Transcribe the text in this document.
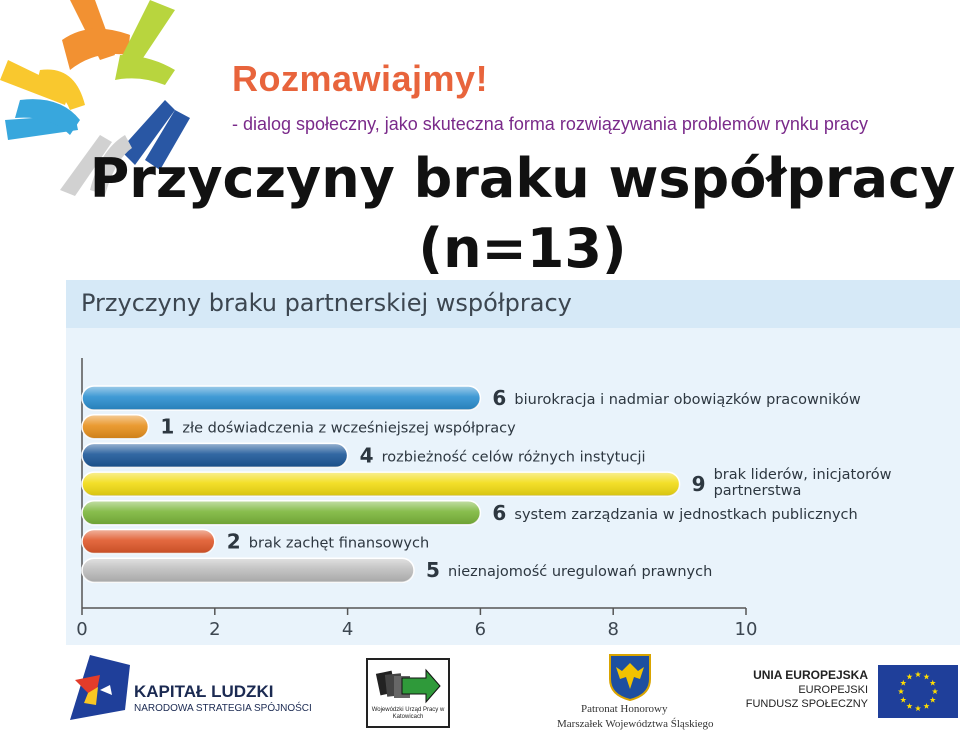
Rozmawiajmy!
- dialog społeczny, jako skuteczna forma rozwiązywania problemów rynku pracy
Przyczyny braku współpracy
(n=13)
Przyczyny braku partnerskiej współpracy
0	2	4	6	8	10
6 biurokracja i nadmiar obowiązków pracowników
1 złe doświadczenia z wcześniejszej współpracy
4 rozbieżność celów różnych instytucji
9 brak liderów, inicjatorów partnerstwa
6 system zarządzania w jednostkach publicznych
2 brak zachęt finansowych
5 nieznajomość uregulowań prawnych
KAPITAŁ LUDZKI
NARODOWA STRATEGIA SPÓJNOŚCI	Wojewódzki Urząd Pracy w Katowicach
Patronat Honorowy
Marszałek Województwa Śląskiego
UNIA EUROPEJSKA
EUROPEJSKI
FUNDUSZ SPOŁECZNY
